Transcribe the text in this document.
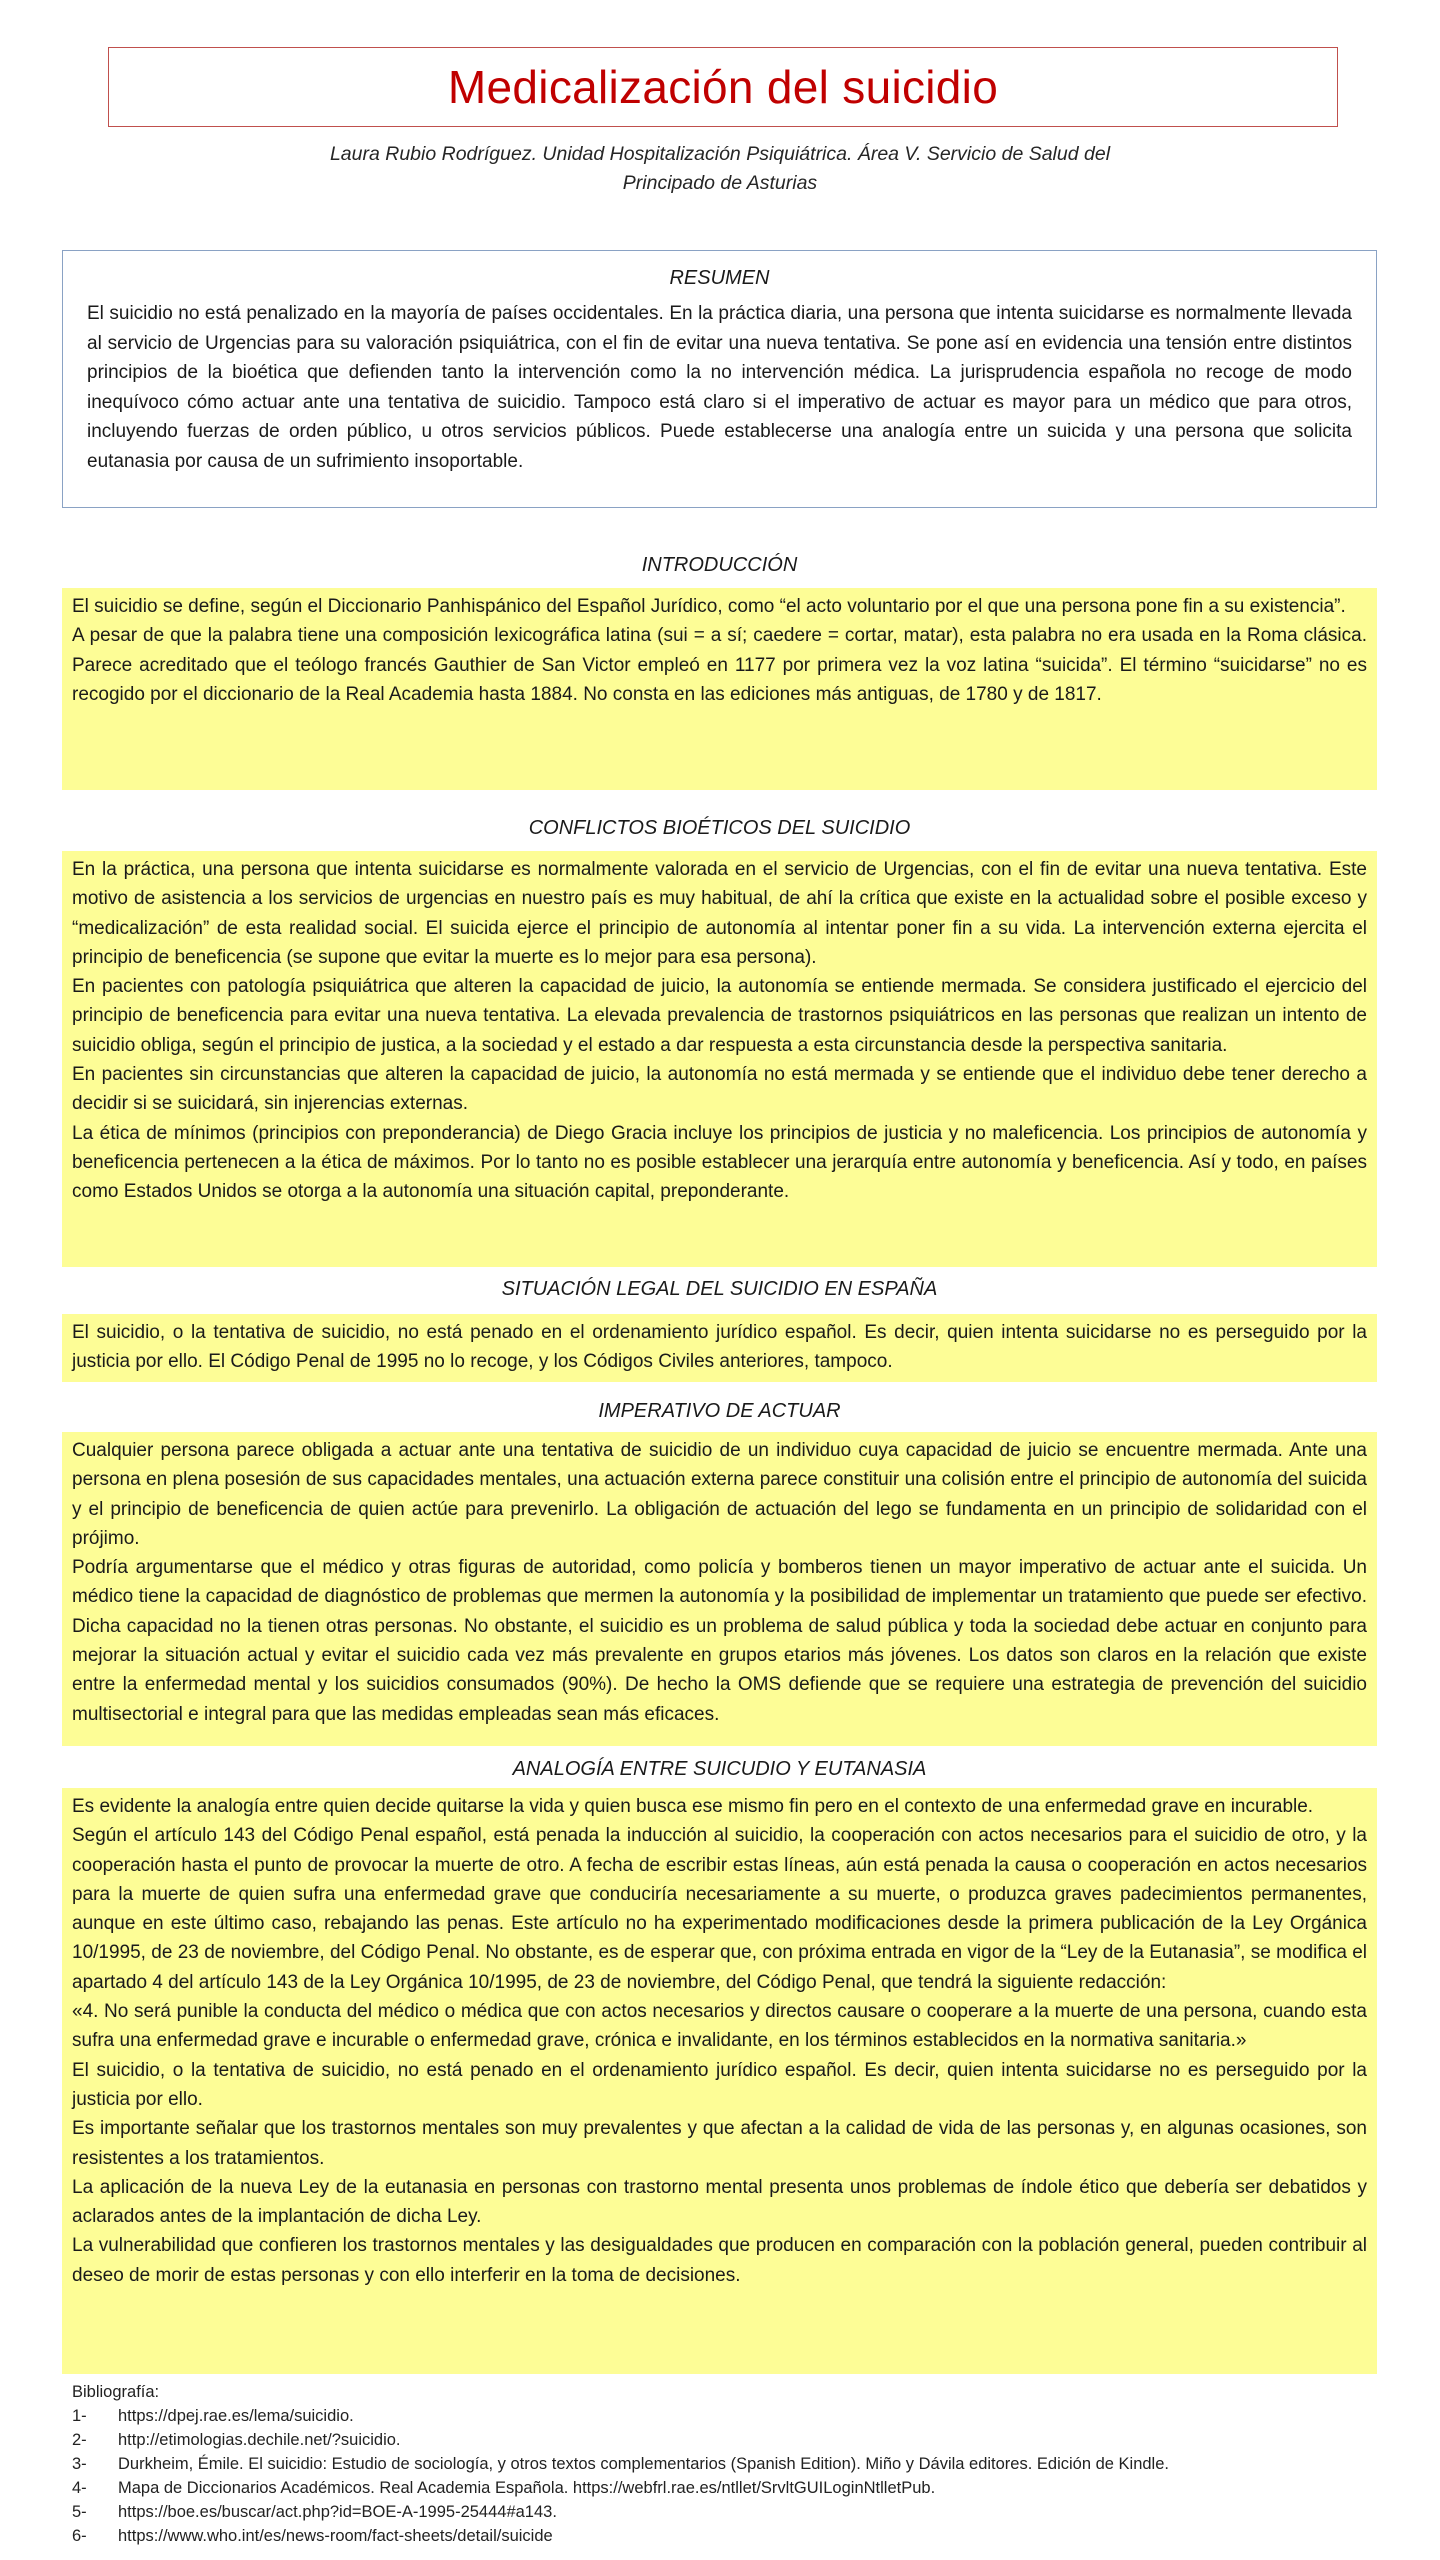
Medicalización del suicidio
Laura Rubio Rodríguez. Unidad Hospitalización Psiquiátrica. Área V. Servicio de Salud del
Principado de Asturias
RESUMEN

El suicidio no está penalizado en la mayoría de países occidentales. En la práctica diaria, una persona que intenta suicidarse es normalmente llevada al servicio de Urgencias para su valoración psiquiátrica, con el fin de evitar una nueva tentativa. Se pone así en evidencia una tensión entre distintos principios de la bioética que defienden tanto la intervención como la no intervención médica. La jurisprudencia española no recoge de modo inequívoco cómo actuar ante una tentativa de suicidio. Tampoco está claro si el imperativo de actuar es mayor para un médico que para otros, incluyendo fuerzas de orden público, u otros servicios públicos. Puede establecerse una analogía entre un suicida y una persona que solicita eutanasia por causa de un sufrimiento insoportable.

INTRODUCCIÓN

El suicidio se define, según el Diccionario Panhispánico del Español Jurídico, como “el acto voluntario por el que una persona pone fin a su existencia”.

A pesar de que la palabra tiene una composición lexicográfica latina (sui = a sí; caedere = cortar, matar), esta palabra no era usada en la Roma clásica. Parece acreditado que el teólogo francés Gauthier de San Victor empleó en 1177 por primera vez la voz latina “suicida”. El término “suicidarse” no es recogido por el diccionario de la Real Academia hasta 1884. No consta en las ediciones más antiguas, de 1780 y de 1817.

CONFLICTOS BIOÉTICOS DEL SUICIDIO

En la práctica, una persona que intenta suicidarse es normalmente valorada en el servicio de Urgencias, con el fin de evitar una nueva tentativa. Este motivo de asistencia a los servicios de urgencias en nuestro país es muy habitual, de ahí la crítica que existe en la actualidad sobre el posible exceso y “medicalización” de esta realidad social. El suicida ejerce el principio de autonomía al intentar poner fin a su vida. La intervención externa ejercita el principio de beneficencia (se supone que evitar la muerte es lo mejor para esa persona).

En pacientes con patología psiquiátrica que alteren la capacidad de juicio, la autonomía se entiende mermada. Se considera justificado el ejercicio del principio de beneficencia para evitar una nueva tentativa. La elevada prevalencia de trastornos psiquiátricos en las personas que realizan un intento de suicidio obliga, según el principio de justica, a la sociedad y el estado a dar respuesta a esta circunstancia desde la perspectiva sanitaria.

En pacientes sin circunstancias que alteren la capacidad de juicio, la autonomía no está mermada y se entiende que el individuo debe tener derecho a decidir si se suicidará, sin injerencias externas.

La ética de mínimos (principios con preponderancia) de Diego Gracia incluye los principios de justicia y no maleficencia. Los principios de autonomía y beneficencia pertenecen a la ética de máximos. Por lo tanto no es posible establecer una jerarquía entre autonomía y beneficencia. Así y todo, en países como Estados Unidos se otorga a la autonomía una situación capital, preponderante.

SITUACIÓN LEGAL DEL SUICIDIO EN ESPAÑA

El suicidio, o la tentativa de suicidio, no está penado en el ordenamiento jurídico español. Es decir, quien intenta suicidarse no es perseguido por la justicia por ello. El Código Penal de 1995 no lo recoge, y los Códigos Civiles anteriores, tampoco.

IMPERATIVO DE ACTUAR

Cualquier persona parece obligada a actuar ante una tentativa de suicidio de un individuo cuya capacidad de juicio se encuentre mermada. Ante una persona en plena posesión de sus capacidades mentales, una actuación externa parece constituir una colisión entre el principio de autonomía del suicida y el principio de beneficencia de quien actúe para prevenirlo. La obligación de actuación del lego se fundamenta en un principio de solidaridad con el prójimo.

Podría argumentarse que el médico y otras figuras de autoridad, como policía y bomberos tienen un mayor imperativo de actuar ante el suicida. Un médico tiene la capacidad de diagnóstico de problemas que mermen la autonomía y la posibilidad de implementar un tratamiento que puede ser efectivo. Dicha capacidad no la tienen otras personas. No obstante, el suicidio es un problema de salud pública y toda la sociedad debe actuar en conjunto para mejorar la situación actual y evitar el suicidio cada vez más prevalente en grupos etarios más jóvenes. Los datos son claros en la relación que existe entre la enfermedad mental y los suicidios consumados (90%). De hecho la OMS defiende que se requiere una estrategia de prevención del suicidio multisectorial e integral para que las medidas empleadas sean más eficaces.

ANALOGÍA ENTRE SUICUDIO Y EUTANASIA

Es evidente la analogía entre quien decide quitarse la vida y quien busca ese mismo fin pero en el contexto de una enfermedad grave en incurable.

Según el artículo 143 del Código Penal español, está penada la inducción al suicidio, la cooperación con actos necesarios para el suicidio de otro, y la cooperación hasta el punto de provocar la muerte de otro. A fecha de escribir estas líneas, aún está penada la causa o cooperación en actos necesarios para la muerte de quien sufra una enfermedad grave que conduciría necesariamente a su muerte, o produzca graves padecimientos permanentes, aunque en este último caso, rebajando las penas. Este artículo no ha experimentado modificaciones desde la primera publicación de la Ley Orgánica 10/1995, de 23 de noviembre, del Código Penal. No obstante, es de esperar que, con próxima entrada en vigor de la “Ley de la Eutanasia”, se modifica el apartado 4 del artículo 143 de la Ley Orgánica 10/1995, de 23 de noviembre, del Código Penal, que tendrá la siguiente redacción:

«4. No será punible la conducta del médico o médica que con actos necesarios y directos causare o cooperare a la muerte de una persona, cuando esta sufra una enfermedad grave e incurable o enfermedad grave, crónica e invalidante, en los términos establecidos en la normativa sanitaria.»

El suicidio, o la tentativa de suicidio, no está penado en el ordenamiento jurídico español. Es decir, quien intenta suicidarse no es perseguido por la justicia por ello.

Es importante señalar que los trastornos mentales son muy prevalentes y que afectan a la calidad de vida de las personas y, en algunas ocasiones, son resistentes a los tratamientos.

La aplicación de la nueva Ley de la eutanasia en personas con trastorno mental presenta unos problemas de índole ético que debería ser debatidos y aclarados antes de la implantación de dicha Ley.

La vulnerabilidad que confieren los trastornos mentales y las desigualdades que producen en comparación con la población general, pueden contribuir al deseo de morir de estas personas y con ello interferir en la toma de decisiones.

Bibliografía:

1-	https://dpej.rae.es/lema/suicidio.
2-	http://etimologias.dechile.net/?suicidio.
3-	Durkheim, Émile. El suicidio: Estudio de sociología, y otros textos complementarios (Spanish Edition). Miño y Dávila editores. Edición de Kindle.
4-	Mapa de Diccionarios Académicos. Real Academia Española. https://webfrl.rae.es/ntllet/SrvltGUILoginNtlletPub.
5-	https://boe.es/buscar/act.php?id=BOE-A-1995-25444#a143.
6-	https://www.who.int/es/news-room/fact-sheets/detail/suicide
